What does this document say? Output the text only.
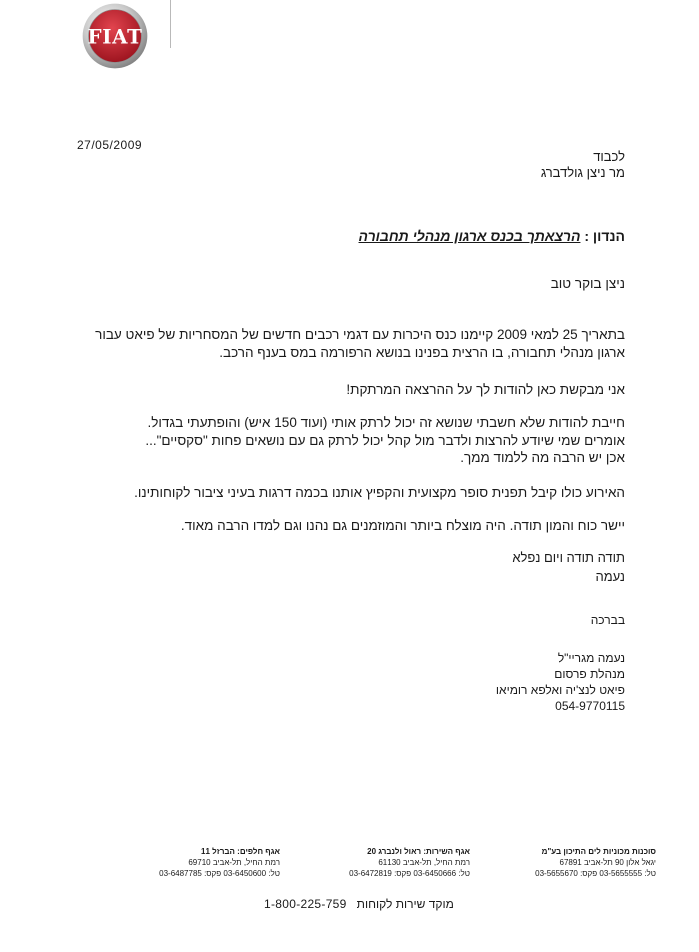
FIAT
27/05/2009
לכבוד
מר ניצן גולדברג
הנדון : הרצאתך בכנס ארגון מנהלי תחבורה
ניצן בוקר טוב
בתאריך 25 למאי 2009 קיימנו כנס היכרות עם דגמי רכבים חדשים של המסחריות של פיאט עבור ארגון מנהלי תחבורה, בו הרצית בפנינו בנושא הרפורמה במס בענף הרכב.
אני מבקשת כאן להודות לך על ההרצאה המרתקת!
חייבת להודות שלא חשבתי שנושא זה יכול לרתק אותי (ועוד 150 איש) והופתעתי בגדול.
אומרים שמי שיודע להרצות ולדבר מול קהל יכול לרתק גם עם נושאים פחות "סקסיים"...
אכן יש הרבה מה ללמוד ממך.
האירוע כולו קיבל תפנית סופר מקצועית והקפיץ אותנו בכמה דרגות בעיני ציבור לקוחותינו.
יישר כוח והמון תודה. היה מוצלח ביותר והמוזמנים גם נהנו וגם למדו הרבה מאוד.
תודה תודה ויום נפלא
נעמה
בברכה
נעמה מגריי"ל
מנהלת פרסום
פיאט לנצ'יה ואלפא רומיאו
054-9770115
סוכנות מכוניות לים התיכון בע"מ
יגאל אלון 90 תל-אביב 67891
טל: 03-5655555 פקס: 03-5655670
אגף השירות: ראול ולנברג 20
רמת החיל, תל-אביב 61130
טל: 03-6450666 פקס: 03-6472819
אגף חלפים: הברזל 11
רמת החיל, תל-אביב 69710
טל: 03-6450600 פקס: 03-6487785
1-800-225-759 מוקד שירות לקוחות
